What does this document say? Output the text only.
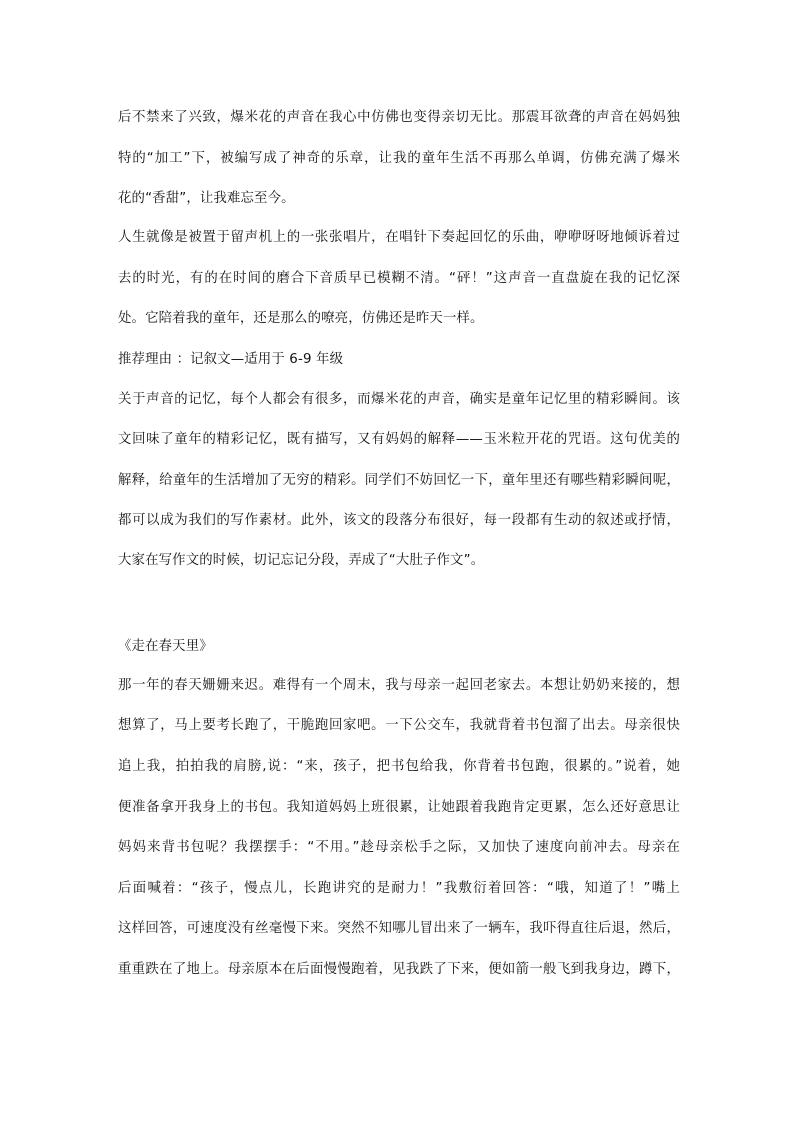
后不禁来了兴致，爆米花的声音在我心中仿佛也变得亲切无比。那震耳欲聋的声音在妈妈独
特的“加工”下，被编写成了神奇的乐章，让我的童年生活不再那么单调，仿佛充满了爆米
花的“香甜”，让我难忘至今。
人生就像是被置于留声机上的一张张唱片，在唱针下奏起回忆的乐曲，咿咿呀呀地倾诉着过
去的时光，有的在时间的磨合下音质早已模糊不清。“砰！”这声音一直盘旋在我的记忆深
处。它陪着我的童年，还是那么的嘹亮，仿佛还是昨天一样。
推荐理由 ：记叙文—适用于 6-9 年级
关于声音的记忆，每个人都会有很多，而爆米花的声音，确实是童年记忆里的精彩瞬间。该
文回味了童年的精彩记忆，既有描写，又有妈妈的解释——玉米粒开花的咒语。这句优美的
解释，给童年的生活增加了无穷的精彩。同学们不妨回忆一下，童年里还有哪些精彩瞬间呢，
都可以成为我们的写作素材。此外，该文的段落分布很好，每一段都有生动的叙述或抒情，
大家在写作文的时候，切记忘记分段，弄成了“大肚子作文”。
《走在春天里》
那一年的春天姗姗来迟。难得有一个周末，我与母亲一起回老家去。本想让奶奶来接的，想
想算了，马上要考长跑了，干脆跑回家吧。一下公交车，我就背着书包溜了出去。母亲很快
追上我，拍拍我的肩膀,说：“来，孩子，把书包给我，你背着书包跑，很累的。”说着，她
便准备拿开我身上的书包。我知道妈妈上班很累，让她跟着我跑肯定更累，怎么还好意思让
妈妈来背书包呢？我摆摆手：“不用。”趁母亲松手之际，又加快了速度向前冲去。母亲在
后面喊着：“孩子，慢点儿，长跑讲究的是耐力！”我敷衍着回答：“哦，知道了！”嘴上
这样回答，可速度没有丝毫慢下来。突然不知哪儿冒出来了一辆车，我吓得直往后退，然后，
重重跌在了地上。母亲原本在后面慢慢跑着，见我跌了下来，便如箭一般飞到我身边，蹲下，
